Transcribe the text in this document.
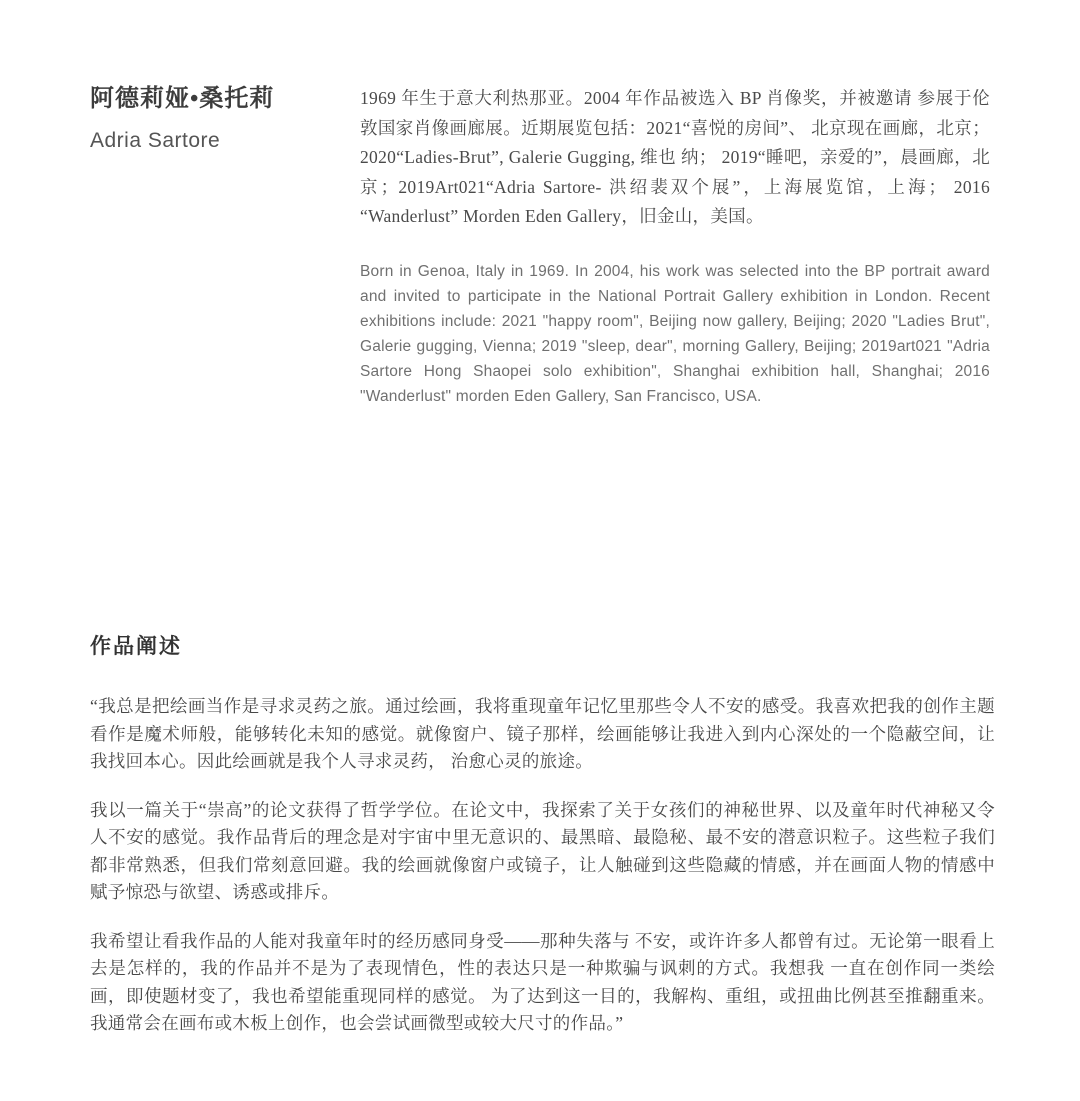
阿德莉娅•桑托莉
Adria Sartore
1969 年生于意大利热那亚。2004 年作品被选入 BP 肖像奖，并被邀请 参展于伦敦国家肖像画廊展。近期展览包括：2021“喜悦的房间”、 北京现在画廊，北京；2020“Ladies-Brut”, Galerie Gugging, 维也 纳； 2019“睡吧，亲爱的”，晨画廊，北京；2019Art021“Adria Sartore- 洪绍裴双个展”，上海展览馆，上海； 2016 “Wanderlust” Morden Eden Gallery，旧金山，美国。
Born in Genoa, Italy in 1969. In 2004, his work was selected into the BP portrait award and invited to participate in the National Portrait Gallery exhibition in London. Recent exhibitions include: 2021 "happy room", Beijing now gallery, Beijing; 2020 "Ladies Brut", Galerie gugging, Vienna; 2019 "sleep, dear", morning Gallery, Beijing; 2019art021 "Adria Sartore Hong Shaopei solo exhibition", Shanghai exhibition hall, Shanghai; 2016 "Wanderlust" morden Eden Gallery, San Francisco, USA.
作品阐述

“我总是把绘画当作是寻求灵药之旅。通过绘画，我将重现童年记忆里那些令人不安的感受。我喜欢把我的创作主题看作是魔术师般，能够转化未知的感觉。就像窗户、镜子那样，绘画能够让我进入到内心深处的一个隐蔽空间，让我找回本心。因此绘画就是我个人寻求灵药， 治愈心灵的旅途。

我以一篇关于“崇高”的论文获得了哲学学位。在论文中，我探索了关于女孩们的神秘世界、以及童年时代神秘又令人不安的感觉。我作品背后的理念是对宇宙中里无意识的、最黑暗、最隐秘、最不安的潜意识粒子。这些粒子我们都非常熟悉，但我们常刻意回避。我的绘画就像窗户或镜子，让人触碰到这些隐藏的情感，并在画面人物的情感中赋予惊恐与欲望、诱惑或排斥。

我希望让看我作品的人能对我童年时的经历感同身受——那种失落与 不安，或许许多人都曾有过。无论第一眼看上去是怎样的，我的作品并不是为了表现情色，性的表达只是一种欺骗与讽刺的方式。我想我 一直在创作同一类绘画，即使题材变了，我也希望能重现同样的感觉。 为了达到这一目的，我解构、重组，或扭曲比例甚至推翻重来。我通常会在画布或木板上创作，也会尝试画微型或较大尺寸的作品。”
